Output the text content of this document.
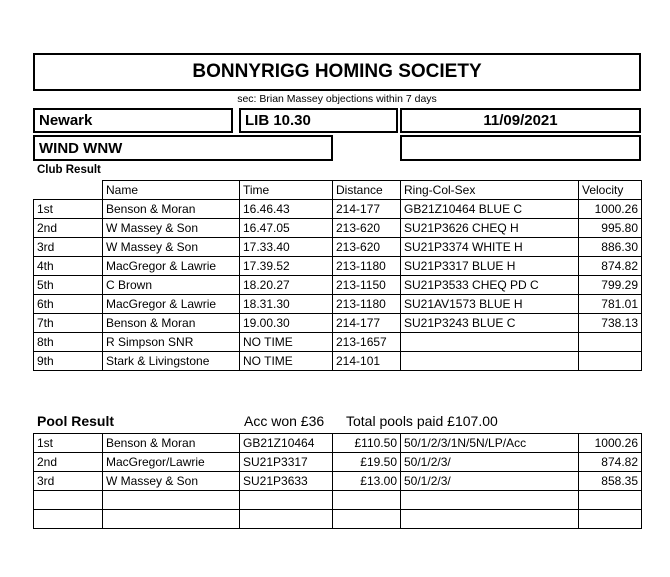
BONNYRIGG HOMING SOCIETY
sec: Brian Massey objections within 7 days
Newark	LIB 10.30	11/09/2021
WIND WNW
Club Result
	Name	Time	Distance	Ring-Col-Sex	Velocity
1st	Benson & Moran	16.46.43	214-177	GB21Z10464 BLUE C	1000.26
2nd	W Massey & Son	16.47.05	213-620	SU21P3626 CHEQ H	995.80
3rd	W Massey & Son	17.33.40	213-620	SU21P3374 WHITE H	886.30
4th	MacGregor & Lawrie	17.39.52	213-1180	SU21P3317 BLUE H	874.82
5th	C Brown	18.20.27	213-1150	SU21P3533 CHEQ PD C	799.29
6th	MacGregor & Lawrie	18.31.30	213-1180	SU21AV1573 BLUE H	781.01
7th	Benson & Moran	19.00.30	214-177	SU21P3243 BLUE C	738.13
8th	R Simpson SNR	NO TIME	213-1657		
9th	Stark & Livingstone	NO TIME	214-101		
Pool Result	Acc won £36 Total pools paid £107.00
1st	Benson & Moran	GB21Z10464	£110.50	50/1/2/3/1N/5N/LP/Acc	1000.26
2nd	MacGregor/Lawrie	SU21P3317	£19.50	50/1/2/3/	874.82
3rd	W Massey & Son	SU21P3633	£13.00	50/1/2/3/	858.35
